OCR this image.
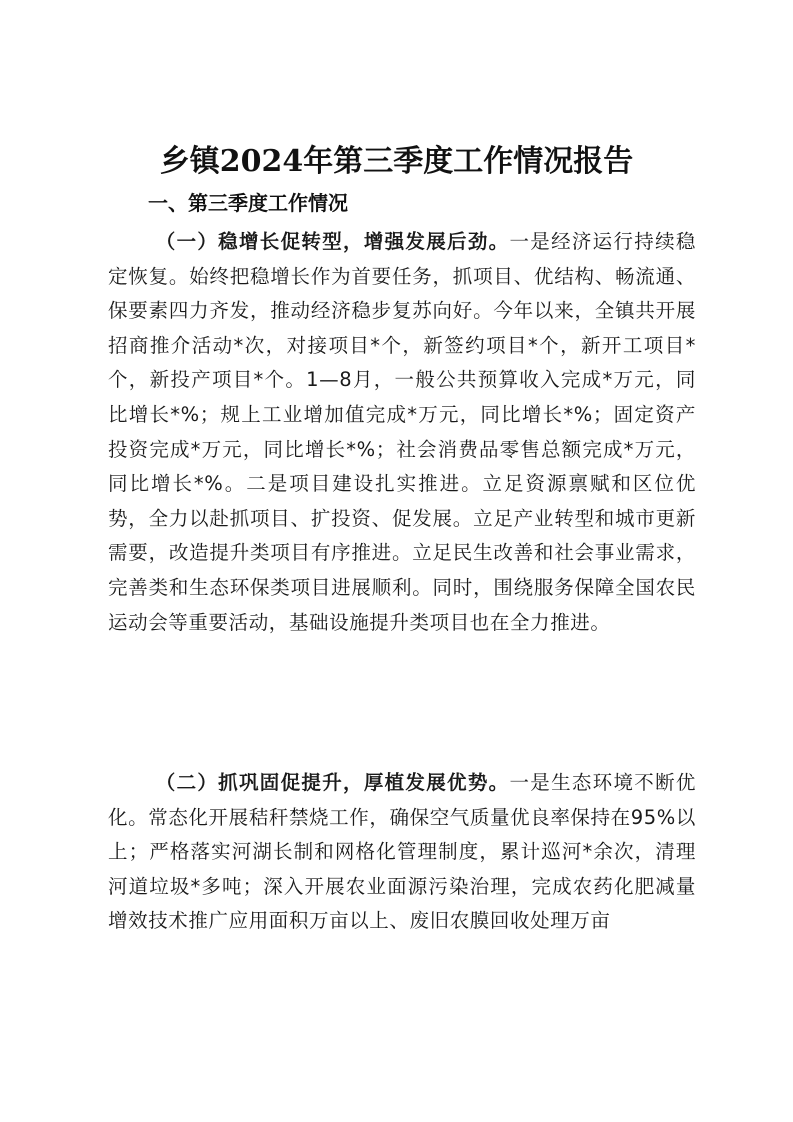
乡镇2024年第三季度工作情况报告
一、第三季度工作情况

（一）稳增长促转型，增强发展后劲。一是经济运行持续稳定恢复。始终把稳增长作为首要任务，抓项目、优结构、畅流通、保要素四力齐发，推动经济稳步复苏向好。今年以来，全镇共开展招商推介活动*次，对接项目*个，新签约项目*个，新开工项目*个，新投产项目*个。1—8月，一般公共预算收入完成*万元，同比增长*%；规上工业增加值完成*万元，同比增长*%；固定资产投资完成*万元，同比增长*%；社会消费品零售总额完成*万元，同比增长*%。二是项目建设扎实推进。立足资源禀赋和区位优势，全力以赴抓项目、扩投资、促发展。立足产业转型和城市更新需要，改造提升类项目有序推进。立足民生改善和社会事业需求，完善类和生态环保类项目进展顺利。同时，围绕服务保障全国农民运动会等重要活动，基础设施提升类项目也在全力推进。

（二）抓巩固促提升，厚植发展优势。一是生态环境不断优化。常态化开展秸秆禁烧工作，确保空气质量优良率保持在95%以上；严格落实河湖长制和网格化管理制度，累计巡河*余次，清理河道垃圾*多吨；深入开展农业面源污染治理，完成农药化肥减量增效技术推广应用面积万亩以上、废旧农膜回收处理万亩
